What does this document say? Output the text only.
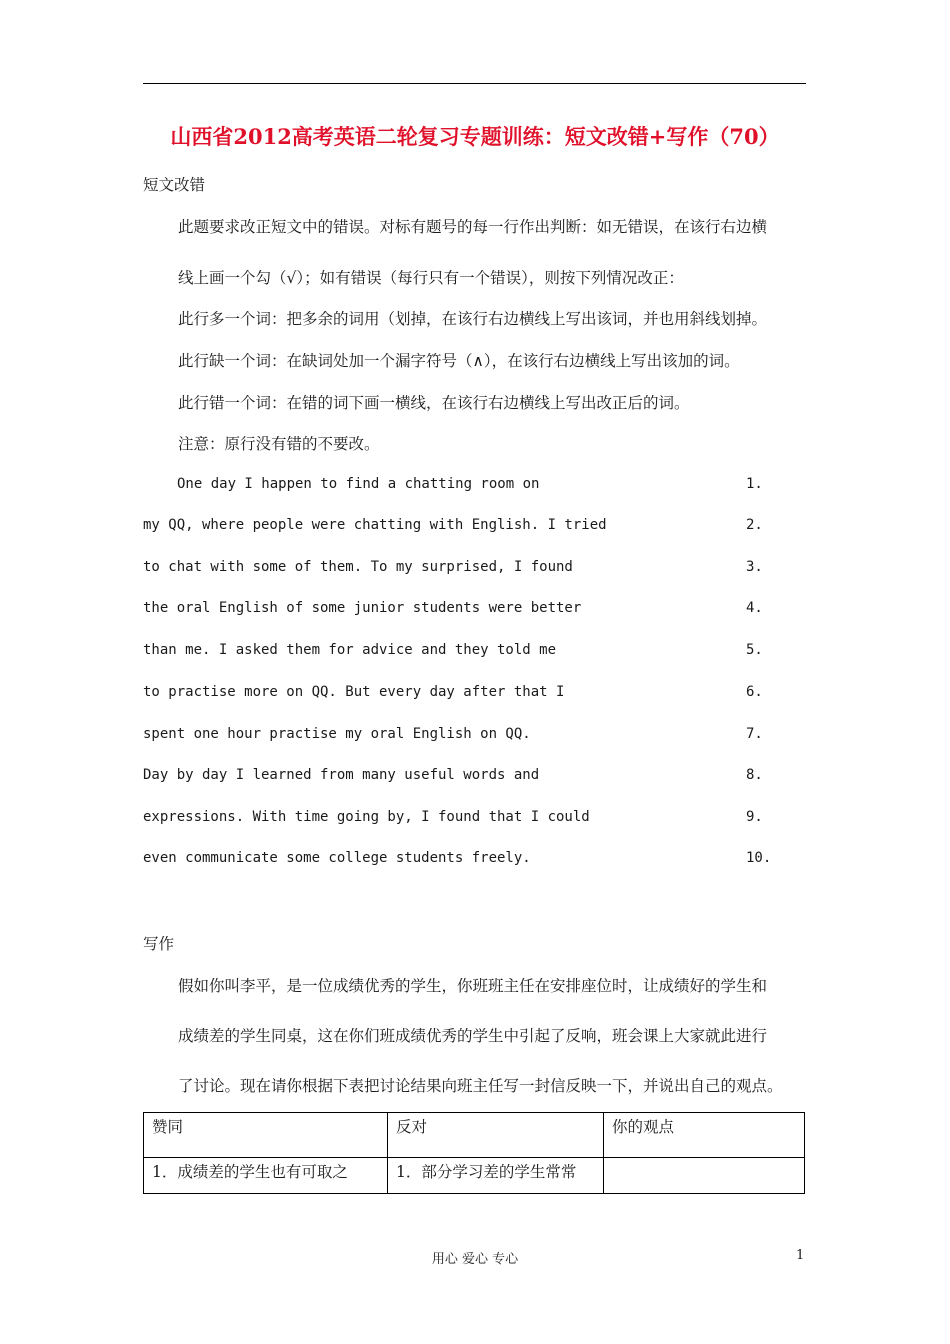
山西省2012高考英语二轮复习专题训练：短文改错+写作（70）
短文改错
此题要求改正短文中的错误。对标有题号的每一行作出判断：如无错误，在该行右边横
线上画一个勾（√）；如有错误（每行只有一个错误），则按下列情况改正：
此行多一个词：把多余的词用（划掉，在该行右边横线上写出该词，并也用斜线划掉。
此行缺一个词：在缺词处加一个漏字符号（∧），在该行右边横线上写出该加的词。
此行错一个词：在错的词下画一横线，在该行右边横线上写出改正后的词。
注意：原行没有错的不要改。
One day I happen to find a chatting room on	1.
my QQ, where people were chatting with English. I tried	2.
to chat with some of them. To my surprised, I found	3.
the oral English of some junior students were better	4.
than me. I asked them for advice and they told me	5.
to practise more on QQ. But every day after that I	6.
spent one hour practise my oral English on QQ.	7.
Day by day I learned from many useful words and	8.
expressions. With time going by, I found that I could	9.
even communicate some college students freely.	10.
写作
假如你叫李平，是一位成绩优秀的学生，你班班主任在安排座位时，让成绩好的学生和
成绩差的学生同桌，这在你们班成绩优秀的学生中引起了反响，班会课上大家就此进行
了讨论。现在请你根据下表把讨论结果向班主任写一封信反映一下，并说出自己的观点。
赞同	反对	你的观点
1．成绩差的学生也有可取之	1．部分学习差的学生常常	
用心 爱心 专心	1
